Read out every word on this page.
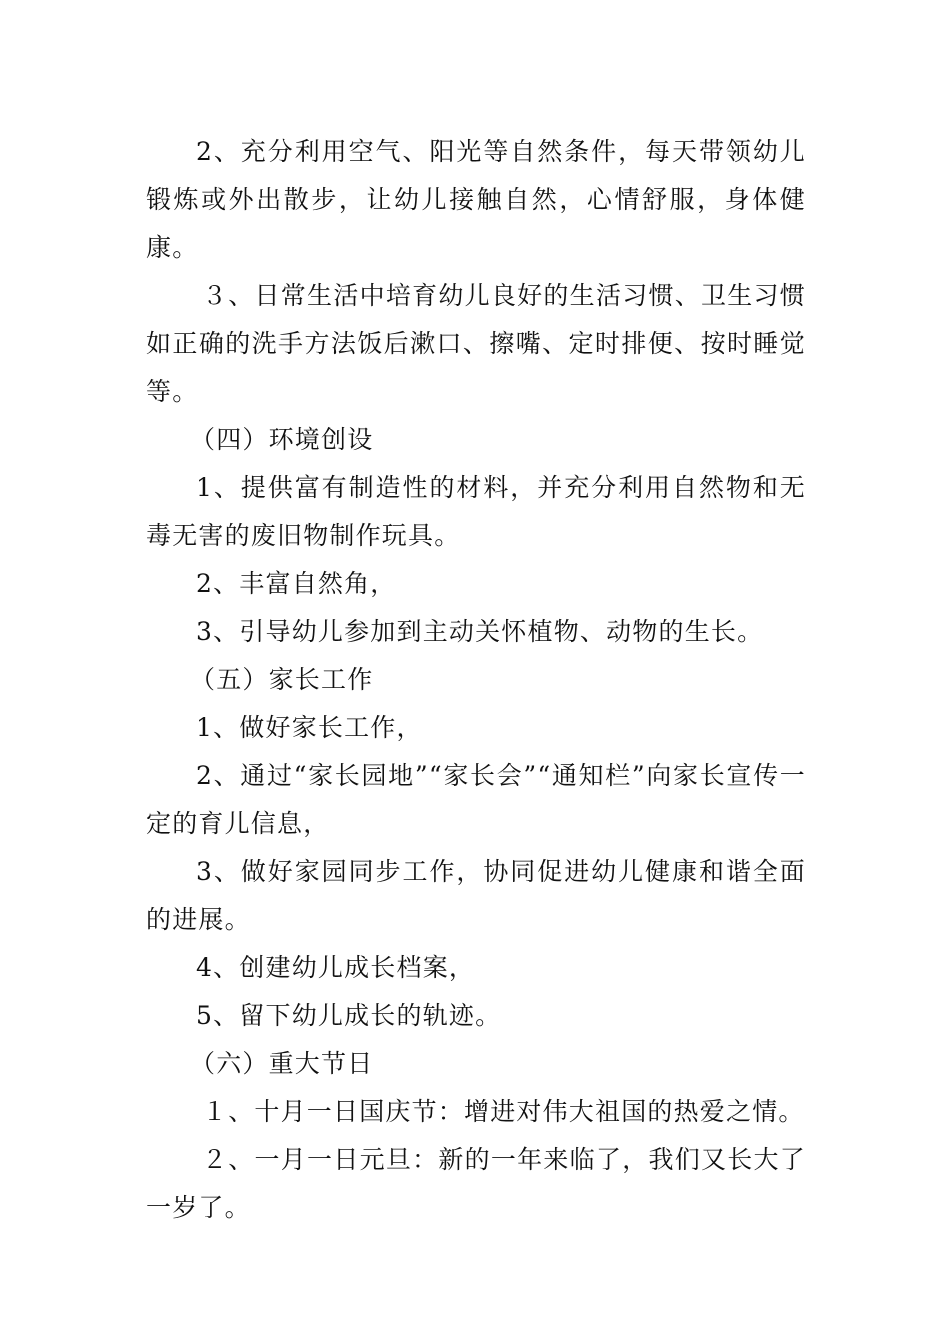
2、充分利用空气、阳光等自然条件，每天带领幼儿锻炼或外出散步，让幼儿接触自然，心情舒服，身体健康。

３、日常生活中培育幼儿良好的生活习惯、卫生习惯如正确的洗手方法饭后漱口、擦嘴、定时排便、按时睡觉等。

（四）环境创设

1、提供富有制造性的材料，并充分利用自然物和无毒无害的废旧物制作玩具。

2、丰富自然角，

3、引导幼儿参加到主动关怀植物、动物的生长。

（五）家长工作

1、做好家长工作，

2、通过“家长园地”“家长会”“通知栏”向家长宣传一定的育儿信息，

3、做好家园同步工作，协同促进幼儿健康和谐全面的进展。

4、创建幼儿成长档案，

5、留下幼儿成长的轨迹。

（六）重大节日

１、十月一日国庆节：增进对伟大祖国的热爱之情。

２、一月一日元旦：新的一年来临了，我们又长大了一岁了。
